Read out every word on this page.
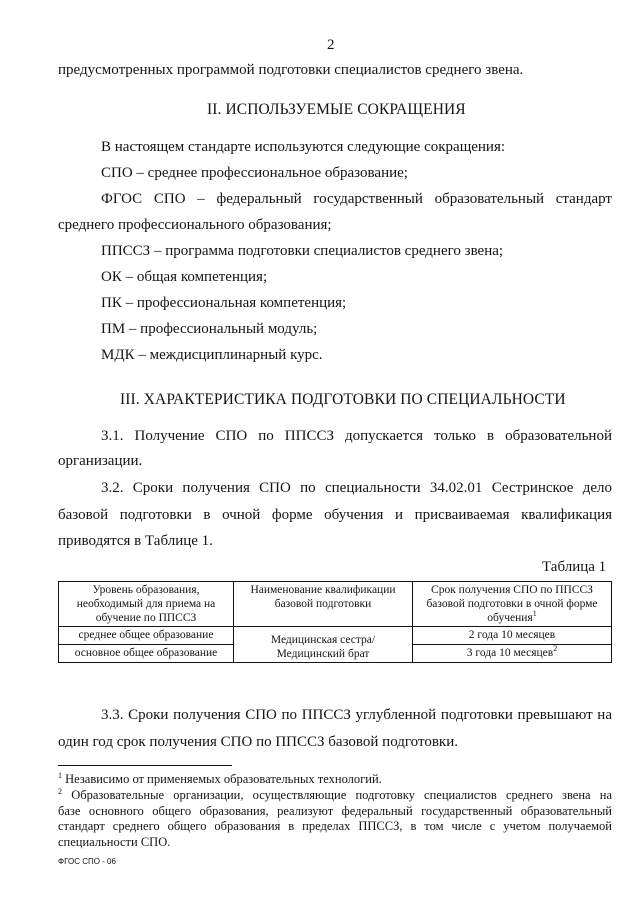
2
предусмотренных программой подготовки специалистов среднего звена.
II. ИСПОЛЬЗУЕМЫЕ СОКРАЩЕНИЯ
В настоящем стандарте используются следующие сокращения:
СПО – среднее профессиональное образование;
ФГОС СПО – федеральный государственный образовательный стандарт
среднего профессионального образования;
ППССЗ – программа подготовки специалистов среднего звена;
ОК – общая компетенция;
ПК – профессиональная компетенция;
ПМ – профессиональный модуль;
МДК – междисциплинарный курс.
III. ХАРАКТЕРИСТИКА ПОДГОТОВКИ ПО СПЕЦИАЛЬНОСТИ
3.1. Получение СПО по ППССЗ допускается только в образовательной
организации.
3.2. Сроки получения СПО по специальности 34.02.01 Сестринское дело
базовой подготовки в очной форме обучения и присваиваемая квалификация
приводятся в Таблице 1.
Таблица 1
Уровень образования, необходимый для приема на обучение по ППССЗ	Наименование квалификации базовой подготовки	Срок получения СПО по ППССЗ базовой подготовки в очной форме обучения$^1$
среднее общее образование	Медицинская сестра/Медицинский брат	2 года 10 месяцев
основное общее образование		3 года 10 месяцев$^2$
3.3. Сроки получения СПО по ППССЗ углубленной подготовки превышают на
один год срок получения СПО по ППССЗ базовой подготовки.
$^1$ Независимо от применяемых образовательных технологий.
$^2$ Образовательные организации, осуществляющие подготовку специалистов среднего звена на
базе основного общего образования, реализуют федеральный государственный образовательный
стандарт среднего общего образования в пределах ППССЗ, в том числе с учетом получаемой
специальности СПО.
ФГОС СПО - 06
